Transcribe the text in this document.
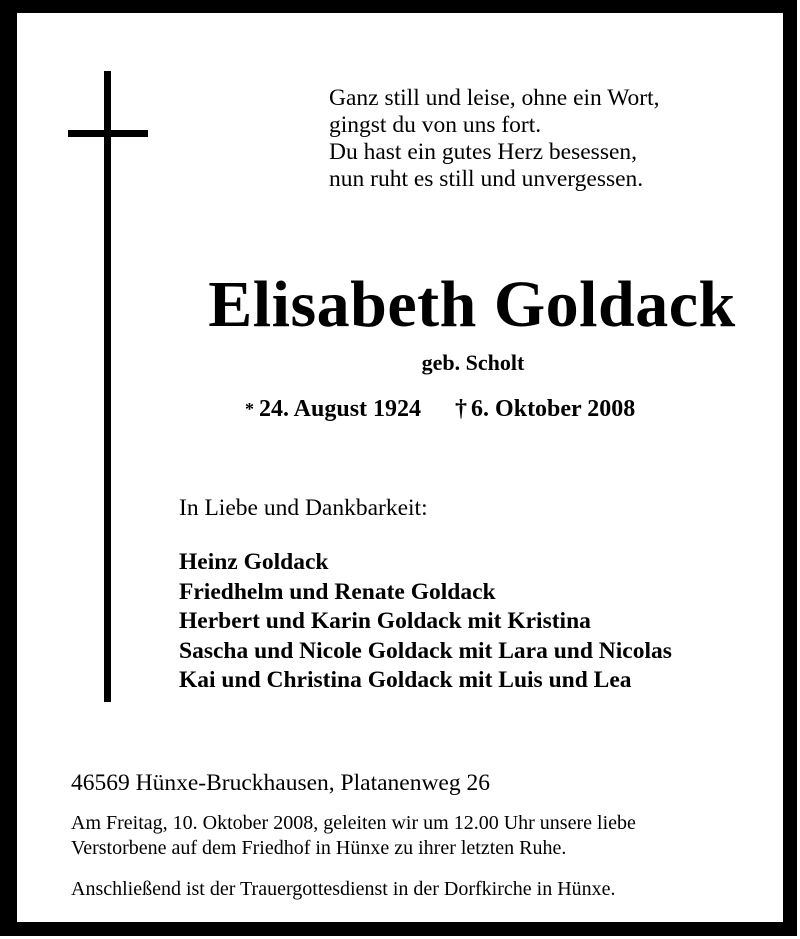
Ganz still und leise, ohne ein Wort,
gingst du von uns fort.
Du hast ein gutes Herz besessen,
nun ruht es still und unvergessen.
Elisabeth Goldack
geb. Scholt
* 24. August 1924 † 6. Oktober 2008
In Liebe und Dankbarkeit:
Heinz Goldack
Friedhelm und Renate Goldack
Herbert und Karin Goldack mit Kristina
Sascha und Nicole Goldack mit Lara und Nicolas
Kai und Christina Goldack mit Luis und Lea
46569 Hünxe-Bruckhausen, Platanenweg 26
Am Freitag, 10. Oktober 2008, geleiten wir um 12.00 Uhr unsere liebe
Verstorbene auf dem Friedhof in Hünxe zu ihrer letzten Ruhe.
Anschließend ist der Trauergottesdienst in der Dorfkirche in Hünxe.
